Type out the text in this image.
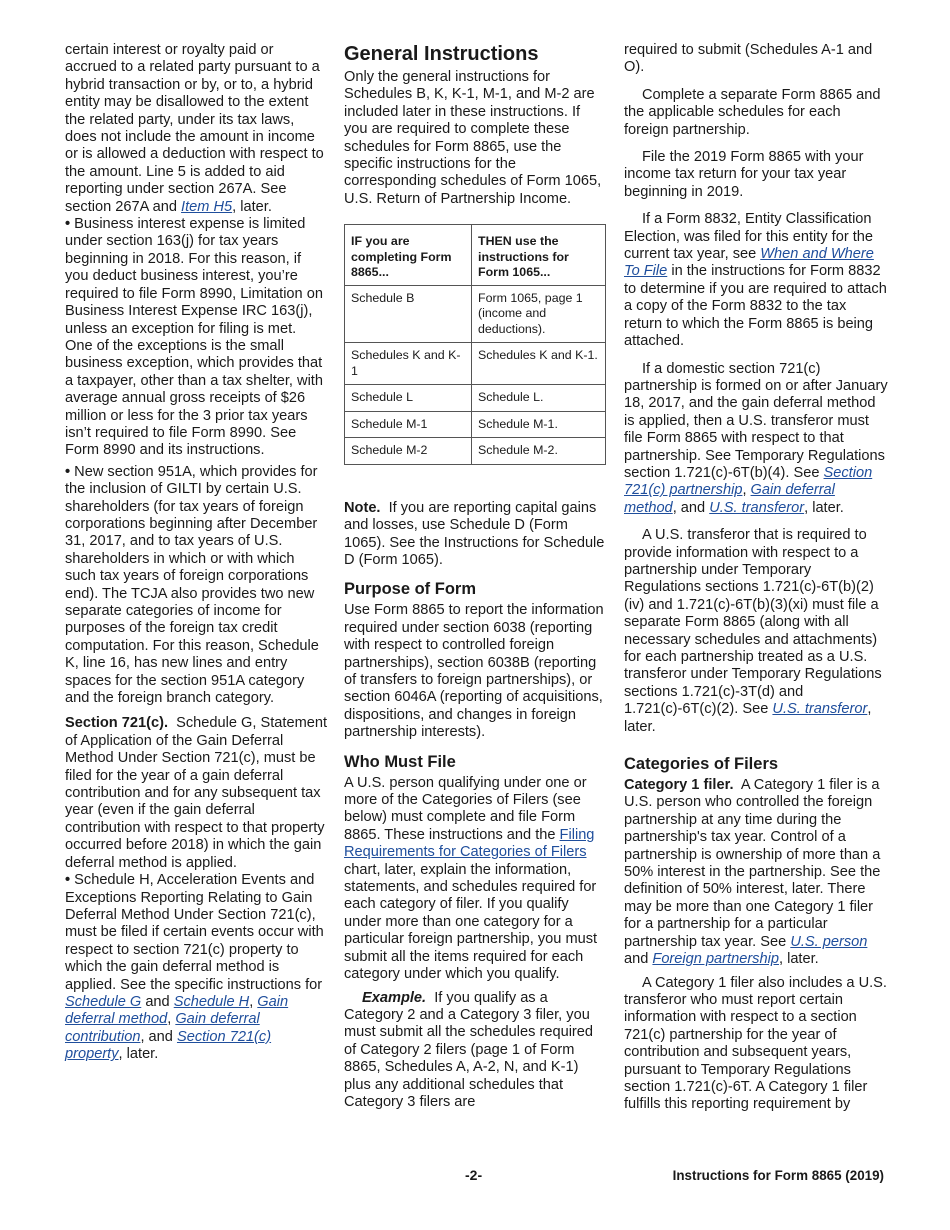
certain interest or royalty paid or accrued to a related party pursuant to a hybrid transaction or by, or to, a hybrid entity may be disallowed to the extent the related party, under its tax laws, does not include the amount in income or is allowed a deduction with respect to the amount. Line 5 is added to aid reporting under section 267A. See section 267A and Item H5, later.

• Business interest expense is limited under section 163(j) for tax years beginning in 2018. For this reason, if you deduct business interest, you’re required to file Form 8990, Limitation on Business Interest Expense IRC 163(j), unless an exception for filing is met. One of the exceptions is the small business exception, which provides that a taxpayer, other than a tax shelter, with average annual gross receipts of $26 million or less for the 3 prior tax years isn’t required to file Form 8990. See Form 8990 and its instructions.

• New section 951A, which provides for the inclusion of GILTI by certain U.S. shareholders (for tax years of foreign corporations beginning after December 31, 2017, and to tax years of U.S. shareholders in which or with which such tax years of foreign corporations end). The TCJA also provides two new separate categories of income for purposes of the foreign tax credit computation. For this reason, Schedule K, line 16, has new lines and entry spaces for the section 951A category and the foreign branch category.

Section 721(c). Schedule G, Statement of Application of the Gain Deferral Method Under Section 721(c), must be filed for the year of a gain deferral contribution and for any subsequent tax year (even if the gain deferral contribution with respect to that property occurred before 2018) in which the gain deferral method is applied.

• Schedule H, Acceleration Events and Exceptions Reporting Relating to Gain Deferral Method Under Section 721(c), must be filed if certain events occur with respect to section 721(c) property to which the gain deferral method is applied. See the specific instructions for Schedule G and Schedule H, Gain deferral method, Gain deferral contribution, and Section 721(c) property, later.

General Instructions

Only the general instructions for Schedules B, K, K-1, M-1, and M-2 are included later in these instructions. If you are required to complete these schedules for Form 8865, use the specific instructions for the corresponding schedules of Form 1065, U.S. Return of Partnership Income.

IF you are completing Form 8865...	THEN use the instructions for Form 1065...
Schedule B	Form 1065, page 1 (income and deductions).
Schedules K and K-1	Schedules K and K-1.
Schedule L	Schedule L.
Schedule M-1	Schedule M-1.
Schedule M-2	Schedule M-2.

Note. If you are reporting capital gains and losses, use Schedule D (Form 1065). See the Instructions for Schedule D (Form 1065).

Purpose of Form

Use Form 8865 to report the information required under section 6038 (reporting with respect to controlled foreign partnerships), section 6038B (reporting of transfers to foreign partnerships), or section 6046A (reporting of acquisitions, dispositions, and changes in foreign partnership interests).

Who Must File

A U.S. person qualifying under one or more of the Categories of Filers (see below) must complete and file Form 8865. These instructions and the Filing Requirements for Categories of Filers chart, later, explain the information, statements, and schedules required for each category of filer. If you qualify under more than one category for a particular foreign partnership, you must submit all the items required for each category under which you qualify.

Example. If you qualify as a Category 2 and a Category 3 filer, you must submit all the schedules required of Category 2 filers (page 1 of Form 8865, Schedules A, A-2, N, and K-1) plus any additional schedules that Category 3 filers are

required to submit (Schedules A-1 and O).

Complete a separate Form 8865 and the applicable schedules for each foreign partnership.

File the 2019 Form 8865 with your income tax return for your tax year beginning in 2019.

If a Form 8832, Entity Classification Election, was filed for this entity for the current tax year, see When and Where To File in the instructions for Form 8832 to determine if you are required to attach a copy of the Form 8832 to the tax return to which the Form 8865 is being attached.

If a domestic section 721(c) partnership is formed on or after January 18, 2017, and the gain deferral method is applied, then a U.S. transferor must file Form 8865 with respect to that partnership. See Temporary Regulations section 1.721(c)-6T(b)(4). See Section 721(c) partnership, Gain deferral method, and U.S. transferor, later.

A U.S. transferor that is required to provide information with respect to a partnership under Temporary Regulations sections 1.721(c)-6T(b)(2)(iv) and 1.721(c)-6T(b)(3)(xi) must file a separate Form 8865 (along with all necessary schedules and attachments) for each partnership treated as a U.S. transferor under Temporary Regulations sections 1.721(c)-3T(d) and 1.721(c)-6T(c)(2). See U.S. transferor, later.

Categories of Filers

Category 1 filer. A Category 1 filer is a U.S. person who controlled the foreign partnership at any time during the partnership's tax year. Control of a partnership is ownership of more than a 50% interest in the partnership. See the definition of 50% interest, later. There may be more than one Category 1 filer for a partnership for a particular partnership tax year. See U.S. person and Foreign partnership, later.

A Category 1 filer also includes a U.S. transferor who must report certain information with respect to a section 721(c) partnership for the year of contribution and subsequent years, pursuant to Temporary Regulations section 1.721(c)-6T. A Category 1 filer fulfills this reporting requirement by

-2-	Instructions for Form 8865 (2019)
